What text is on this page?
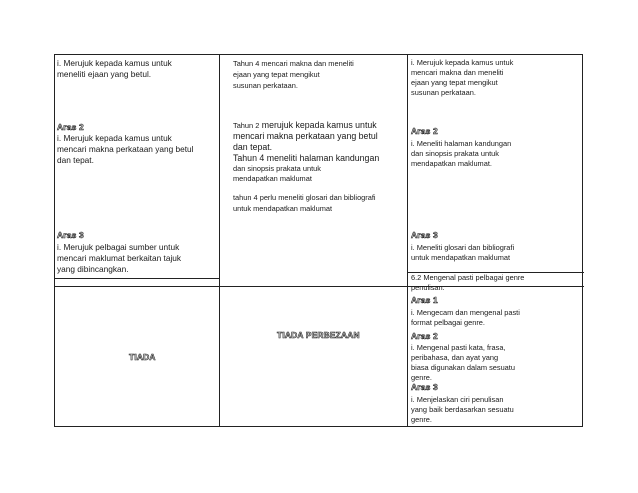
i. Merujuk kepada kamus untuk
meneliti ejaan yang betul.
Aras 2
i. Merujuk kepada kamus untuk
mencari makna perkataan yang betul
dan tepat.
Aras 3
i. Merujuk pelbagai sumber untuk
mencari maklumat berkaitan tajuk
yang dibincangkan.
TIADA
Tahun 4 mencari makna dan meneliti
ejaan yang tepat mengikut
susunan perkataan.
Tahun 2 merujuk kepada kamus untuk
mencari makna perkataan yang betul
dan tepat.
Tahun 4 meneliti halaman kandungan
dan sinopsis prakata untuk
mendapatkan maklumat
tahun 4 perlu meneliti glosari dan bibliografi
untuk mendapatkan maklumat
TIADA PERBEZAAN
i. Merujuk kepada kamus untuk
mencari makna dan meneliti
ejaan yang tepat mengikut
susunan perkataan.
Aras 2
i. Meneliti halaman kandungan
dan sinopsis prakata untuk
mendapatkan maklumat.
Aras 3
i. Meneliti glosari dan bibliografi
untuk mendapatkan maklumat
6.2 Mengenal pasti pelbagai genre
penulisan.
Aras 1
i. Mengecam dan mengenal pasti
format pelbagai genre.
Aras 2
i. Mengenal pasti kata, frasa,
peribahasa, dan ayat yang
biasa digunakan dalam sesuatu
genre.
Aras 3
i. Menjelaskan ciri penulisan
yang baik berdasarkan sesuatu
genre.
